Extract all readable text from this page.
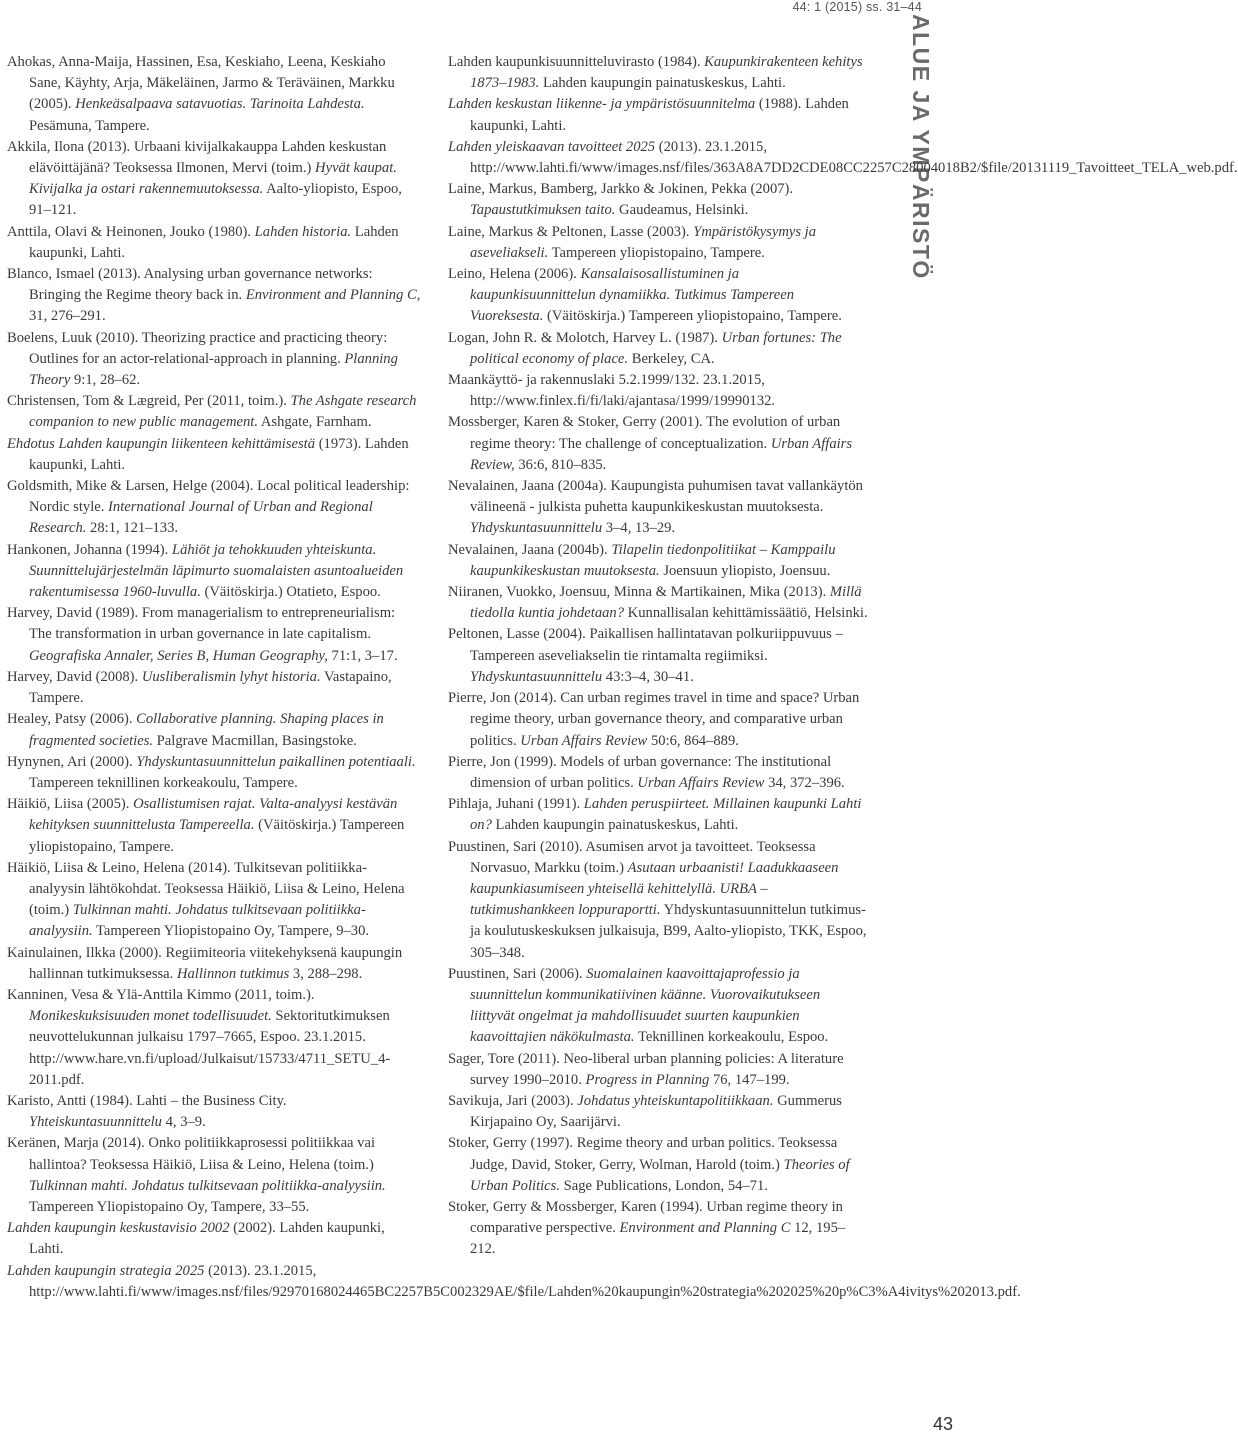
44: 1 (2015) ss. 31–44
ALUE JA YMPÄRISTÖ

Ahokas, Anna-Maija, Hassinen, Esa, Keskiaho, Leena, Keskiaho Sane, Käyhty, Arja, Mäkeläinen, Jarmo & Teräväinen, Markku (2005). Henkeäsalpaava satavuotias. Tarinoita Lahdesta. Pesämuna, Tampere.

Akkila, Ilona (2013). Urbaani kivijalkakauppa Lahden keskustan elävöittäjänä? Teoksessa Ilmonen, Mervi (toim.) Hyvät kaupat. Kivijalka ja ostari rakennemuutoksessa. Aalto-yliopisto, Espoo, 91–121.

Anttila, Olavi & Heinonen, Jouko (1980). Lahden historia. Lahden kaupunki, Lahti.

Blanco, Ismael (2013). Analysing urban governance networks: Bringing the Regime theory back in. Environment and Planning C, 31, 276–291.

Boelens, Luuk (2010). Theorizing practice and practicing theory: Outlines for an actor-relational-approach in planning. Planning Theory 9:1, 28–62.

Christensen, Tom & Lægreid, Per (2011, toim.). The Ashgate research companion to new public management. Ashgate, Farnham.

Ehdotus Lahden kaupungin liikenteen kehittämisestä (1973). Lahden kaupunki, Lahti.

Goldsmith, Mike & Larsen, Helge (2004). Local political leadership: Nordic style. International Journal of Urban and Regional Research. 28:1, 121–133.

Hankonen, Johanna (1994). Lähiöt ja tehokkuuden yhteiskunta. Suunnittelujärjestelmän läpimurto suomalaisten asuntoalueiden rakentumisessa 1960-luvulla. (Väitöskirja.) Otatieto, Espoo.

Harvey, David (1989). From managerialism to entrepreneurialism: The transformation in urban governance in late capitalism. Geografiska Annaler, Series B, Human Geography, 71:1, 3–17.

Harvey, David (2008). Uusliberalismin lyhyt historia. Vastapaino, Tampere.

Healey, Patsy (2006). Collaborative planning. Shaping places in fragmented societies. Palgrave Macmillan, Basingstoke.

Hynynen, Ari (2000). Yhdyskuntasuunnittelun paikallinen potentiaali. Tampereen teknillinen korkeakoulu, Tampere.

Häikiö, Liisa (2005). Osallistumisen rajat. Valta-analyysi kestävän kehityksen suunnittelusta Tampereella. (Väitöskirja.) Tampereen yliopistopaino, Tampere.

Häikiö, Liisa & Leino, Helena (2014). Tulkitsevan politiikka-analyysin lähtökohdat. Teoksessa Häikiö, Liisa & Leino, Helena (toim.) Tulkinnan mahti. Johdatus tulkitsevaan politiikka-analyysiin. Tampereen Yliopistopaino Oy, Tampere, 9–30.

Kainulainen, Ilkka (2000). Regiimiteoria viitekehyksenä kaupungin hallinnan tutkimuksessa. Hallinnon tutkimus 3, 288–298.

Kanninen, Vesa & Ylä-Anttila Kimmo (2011, toim.). Monikeskuksisuuden monet todellisuudet. Sektoritutkimuksen neuvottelukunnan julkaisu 1797–7665, Espoo. 23.1.2015. http://www.hare.vn.fi/upload/Julkaisut/15733/4711_SETU_4-2011.pdf.

Karisto, Antti (1984). Lahti – the Business City. Yhteiskuntasuunnittelu 4, 3–9.

Keränen, Marja (2014). Onko politiikkaprosessi politiikkaa vai hallintoa? Teoksessa Häikiö, Liisa & Leino, Helena (toim.) Tulkinnan mahti. Johdatus tulkitsevaan politiikka-analyysiin. Tampereen Yliopistopaino Oy, Tampere, 33–55.

Lahden kaupungin keskustavisio 2002 (2002). Lahden kaupunki, Lahti.

Lahden kaupungin strategia 2025 (2013). 23.1.2015, http://www.lahti.fi/www/images.nsf/files/92970168024465BC2257B5C002329AE/$file/Lahden%20kaupungin%20strategia%202025%20p%C3%A4ivitys%202013.pdf.

Lahden kaupunkisuunnitteluvirasto (1984). Kaupunkirakenteen kehitys 1873–1983. Lahden kaupungin painatuskeskus, Lahti.

Lahden keskustan liikenne- ja ympäristösuunnitelma (1988). Lahden kaupunki, Lahti.

Lahden yleiskaavan tavoitteet 2025 (2013). 23.1.2015, http://www.lahti.fi/www/images.nsf/files/363A8A7DD2CDE08CC2257C28004018B2/$file/20131119_Tavoitteet_TELA_web.pdf.

Laine, Markus, Bamberg, Jarkko & Jokinen, Pekka (2007). Tapaustutkimuksen taito. Gaudeamus, Helsinki.

Laine, Markus & Peltonen, Lasse (2003). Ympäristökysymys ja aseveliakseli. Tampereen yliopistopaino, Tampere.

Leino, Helena (2006). Kansalaisosallistuminen ja kaupunkisuunnittelun dynamiikka. Tutkimus Tampereen Vuoreksesta. (Väitöskirja.) Tampereen yliopistopaino, Tampere.

Logan, John R. & Molotch, Harvey L. (1987). Urban fortunes: The political economy of place. Berkeley, CA.

Maankäyttö- ja rakennuslaki 5.2.1999/132. 23.1.2015, http://www.finlex.fi/fi/laki/ajantasa/1999/19990132.

Mossberger, Karen & Stoker, Gerry (2001). The evolution of urban regime theory: The challenge of conceptualization. Urban Affairs Review, 36:6, 810–835.

Nevalainen, Jaana (2004a). Kaupungista puhumisen tavat vallankäytön välineenä - julkista puhetta kaupunkikeskustan muutoksesta. Yhdyskuntasuunnittelu 3–4, 13–29.

Nevalainen, Jaana (2004b). Tilapelin tiedonpolitiikat – Kamppailu kaupunkikeskustan muutoksesta. Joensuun yliopisto, Joensuu.

Niiranen, Vuokko, Joensuu, Minna & Martikainen, Mika (2013). Millä tiedolla kuntia johdetaan? Kunnallisalan kehittämissäätiö, Helsinki.

Peltonen, Lasse (2004). Paikallisen hallintatavan polkuriippuvuus – Tampereen aseveliakselin tie rintamalta regiimiksi. Yhdyskuntasuunnittelu 43:3–4, 30–41.

Pierre, Jon (2014). Can urban regimes travel in time and space? Urban regime theory, urban governance theory, and comparative urban politics. Urban Affairs Review 50:6, 864–889.

Pierre, Jon (1999). Models of urban governance: The institutional dimension of urban politics. Urban Affairs Review 34, 372–396.

Pihlaja, Juhani (1991). Lahden peruspiirteet. Millainen kaupunki Lahti on? Lahden kaupungin painatuskeskus, Lahti.

Puustinen, Sari (2010). Asumisen arvot ja tavoitteet. Teoksessa Norvasuo, Markku (toim.) Asutaan urbaanisti! Laadukkaaseen kaupunkiasumiseen yhteisellä kehittelyllä. URBA –tutkimushankkeen loppuraportti. Yhdyskuntasuunnittelun tutkimus- ja koulutuskeskuksen julkaisuja, B99, Aalto-yliopisto, TKK, Espoo, 305–348.

Puustinen, Sari (2006). Suomalainen kaavoittajaprofessio ja suunnittelun kommunikatiivinen käänne. Vuorovaikutukseen liittyvät ongelmat ja mahdollisuudet suurten kaupunkien kaavoittajien näkökulmasta. Teknillinen korkeakoulu, Espoo.

Sager, Tore (2011). Neo-liberal urban planning policies: A literature survey 1990–2010. Progress in Planning 76, 147–199.

Savikuja, Jari (2003). Johdatus yhteiskuntapolitiikkaan. Gummerus Kirjapaino Oy, Saarijärvi.

Stoker, Gerry (1997). Regime theory and urban politics. Teoksessa Judge, David, Stoker, Gerry, Wolman, Harold (toim.) Theories of Urban Politics. Sage Publications, London, 54–71.

Stoker, Gerry & Mossberger, Karen (1994). Urban regime theory in comparative perspective. Environment and Planning C 12, 195–212.

43
